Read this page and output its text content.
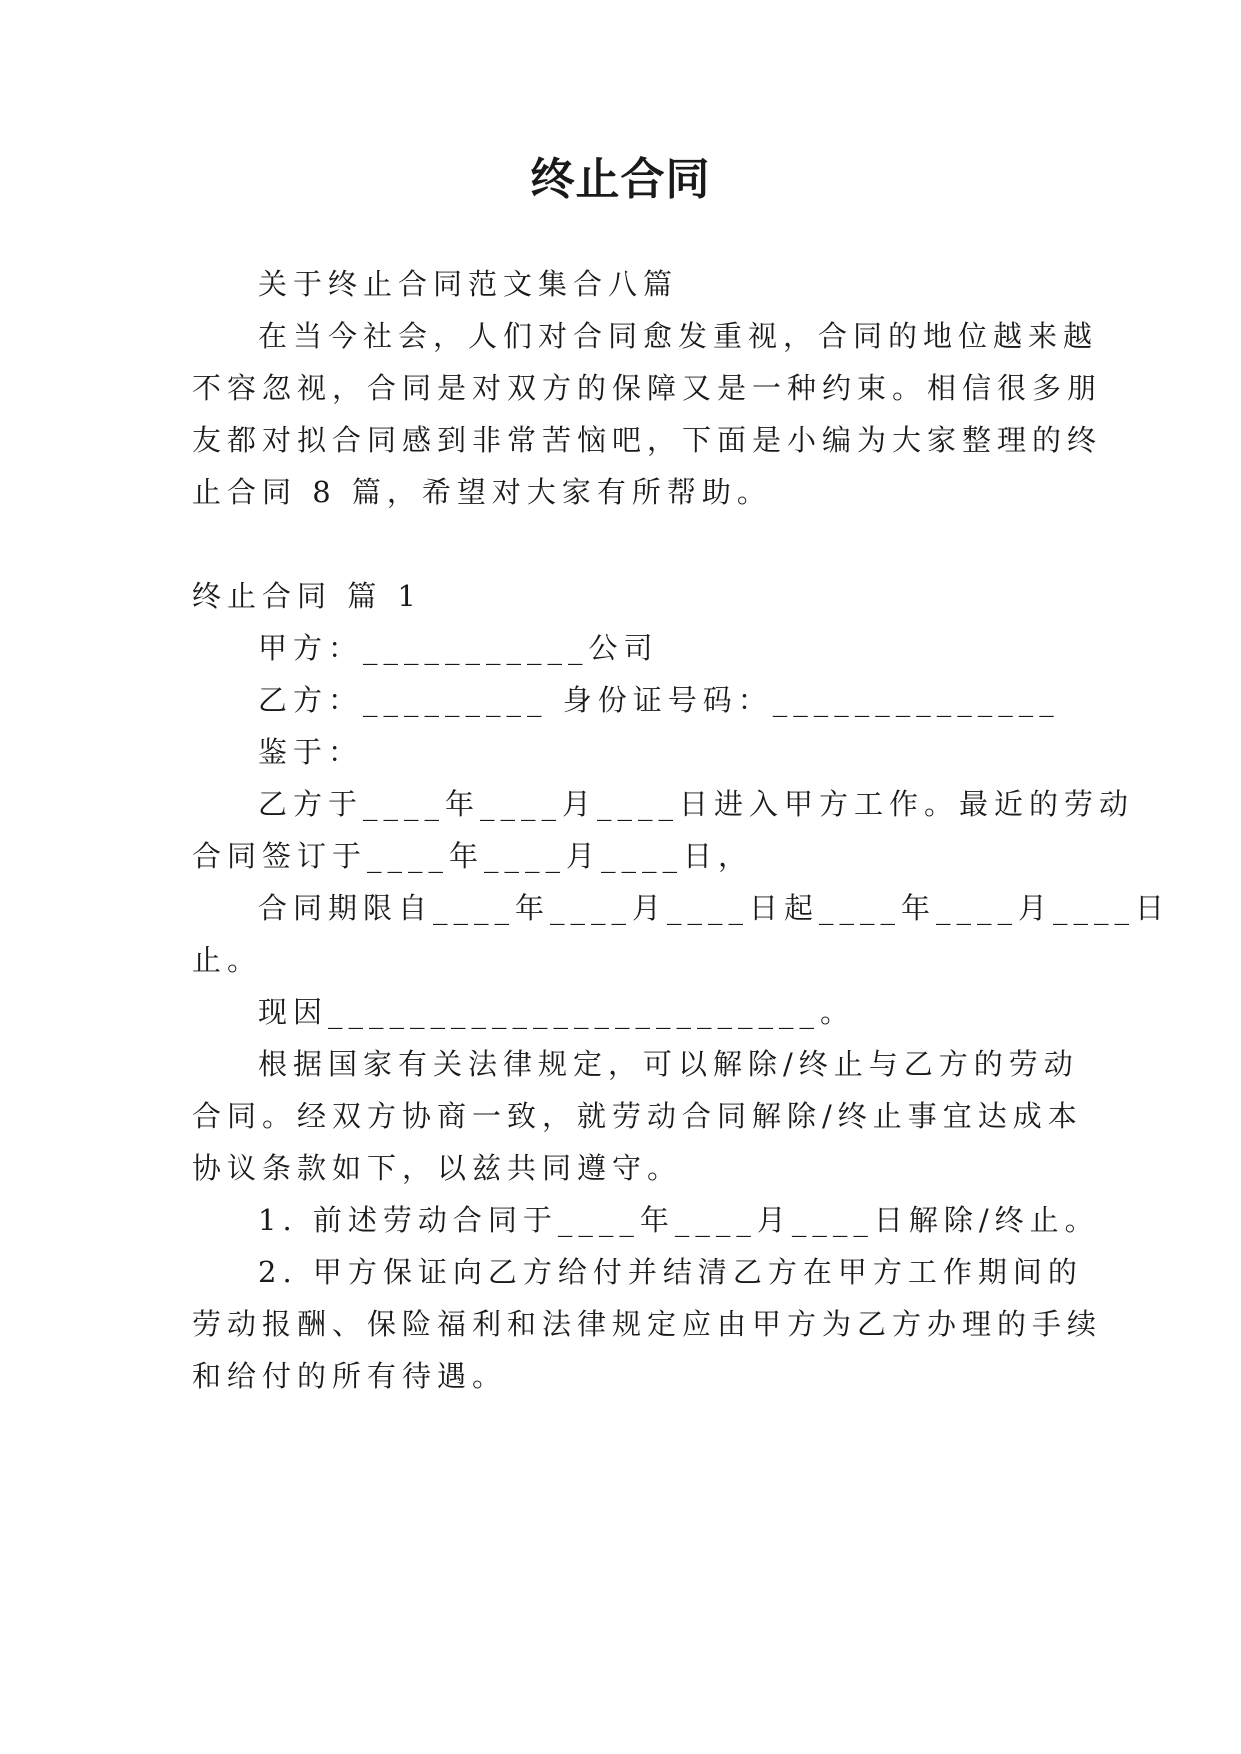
终止合同

关于终止合同范文集合八篇

在当今社会，人们对合同愈发重视，合同的地位越来越

不容忽视，合同是对双方的保障又是一种约束。相信很多朋

友都对拟合同感到非常苦恼吧，下面是小编为大家整理的终

止合同 8 篇，希望对大家有所帮助。

终止合同 篇 1

甲方：___________公司

乙方：_________ 身份证号码：______________

鉴于：

乙方于____年____月____日进入甲方工作。最近的劳动

合同签订于____年____月____日，

合同期限自____年____月____日起____年____月____日

止。

现因________________________。

根据国家有关法律规定，可以解除/终止与乙方的劳动

合同。经双方协商一致，就劳动合同解除/终止事宜达成本

协议条款如下，以兹共同遵守。

1. 前述劳动合同于____年____月____日解除/终止。

2. 甲方保证向乙方给付并结清乙方在甲方工作期间的

劳动报酬、保险福利和法律规定应由甲方为乙方办理的手续

和给付的所有待遇。
